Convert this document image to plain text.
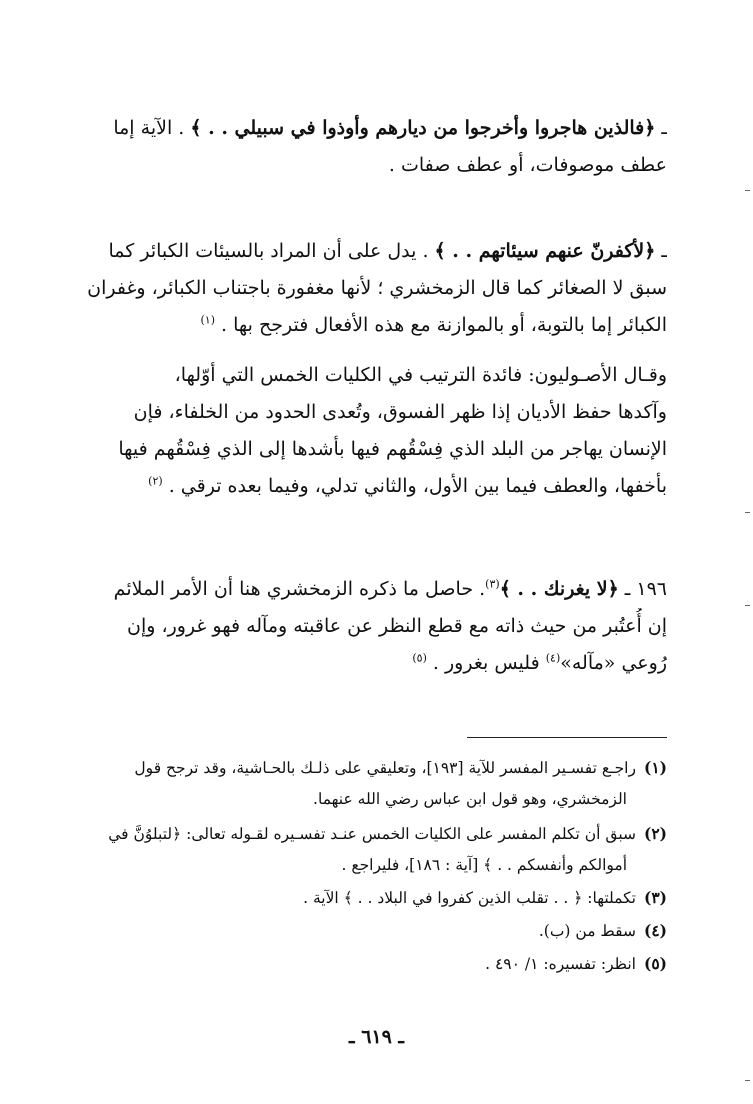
ـ ﴿فالذين هاجروا وأخرجوا من ديارهم وأوذوا في سبيلي . . ﴾ . الآية إما
عطف موصوفات، أو عطف صفات .

ـ ﴿لأكفرنّ عنهم سيئاتهم . . ﴾ . يدل على أن المراد بالسيئات الكبائر كما
سبق لا الصغائر كما قال الزمخشري ؛ لأنها مغفورة باجتناب الكبائر، وغفران
الكبائر إما بالتوبة، أو بالموازنة مع هذه الأفعال فترجح بها . $^{(١)}$

وقـال الأصـوليون: فائدة الترتيب في الكليات الخمس التي أوّلها،
وآكدها حفظ الأديان إذا ظهر الفسوق، وتُعدى الحدود من الخلفاء، فإن
الإنسان يهاجر من البلد الذي فِسْقُهم فيها بأشدها إلى الذي فِسْقُهم فيها
بأخفها، والعطف فيما بين الأول، والثاني تدلي، وفيما بعده ترقي . $^{(٢)}$

١٩٦ ـ ﴿لا يغرنك . . ﴾$^{(٣)}$. حاصل ما ذكره الزمخشري هنا أن الأمر الملائم
إن أُعتُبر من حيث ذاته مع قطع النظر عن عاقبته ومآله فهو غرور، وإن
رُوعي «مآله»$^{(٤)}$ فليس بغرور . $^{(٥)}$

(١)راجـع تفسـير المفسر للآية [١٩٣]، وتعليقي على ذلـك بالحـاشية، وقد ترجح قول
الزمخشري، وهو قول ابن عباس رضي الله عنهما.
(٢)سبق أن تكلم المفسر على الكليات الخمس عنـد تفسـيره لقـوله تعالى: ﴿لتبلوُنَّ في
أموالكم وأنفسكم . . ﴾ [آية : ١٨٦]، فليراجع .
(٣)تكملتها: ﴿ . . تقلب الذين كفروا في البلاد . . ﴾ الآية .
(٤)سقط من (ب).
(٥)انظر: تفسيره: ١/ ٤٩٠ .
ـ ٦١٩ ـ
